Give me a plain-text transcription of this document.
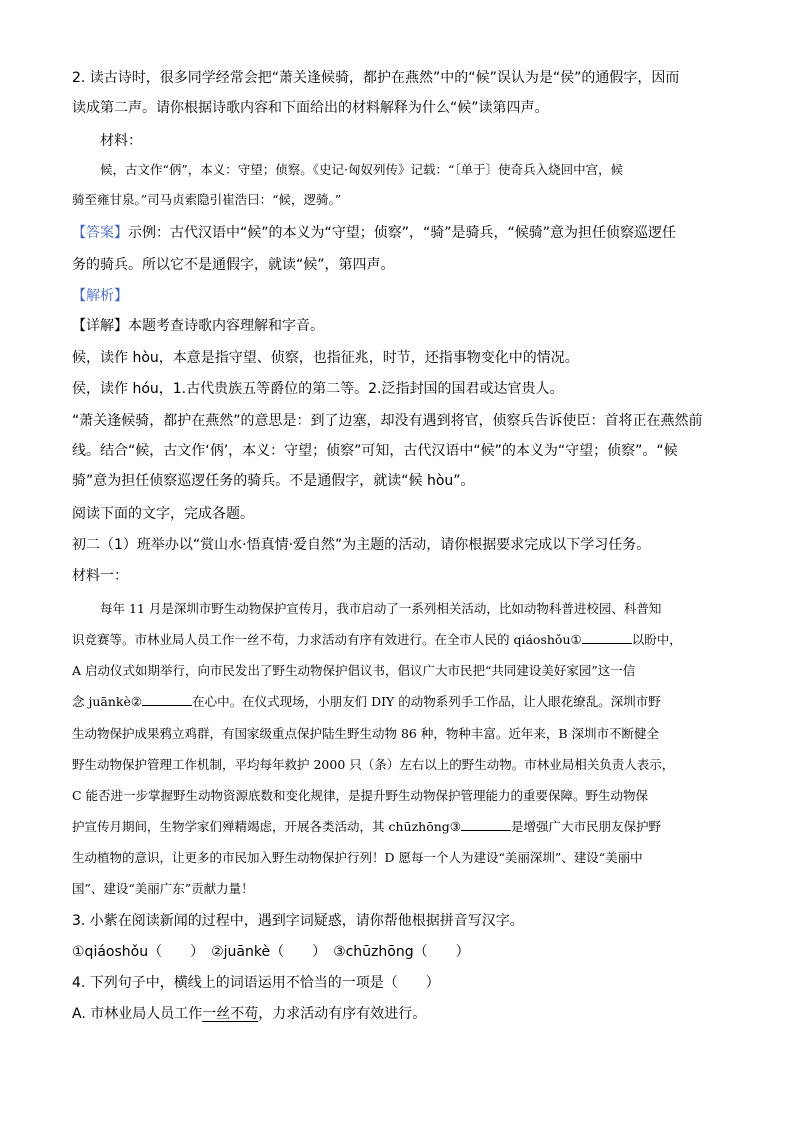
2. 读古诗时，很多同学经常会把“萧关逢候骑，都护在燕然”中的“候”误认为是“侯”的通假字，因而
读成第二声。请你根据诗歌内容和下面给出的材料解释为什么“候”读第四声。
材料：
候，古文作“㑂”，本义：守望；侦察。《史记·匈奴列传》记载：“〔单于〕使奇兵入烧回中宫，候
骑至雍甘泉。”司马贞索隐引崔浩曰：“候，逻骑。”
【答案】示例：古代汉语中“候”的本义为“守望；侦察”，“骑”是骑兵，“候骑”意为担任侦察巡逻任
务的骑兵。所以它不是通假字，就读“候”，第四声。
【解析】
【详解】本题考查诗歌内容理解和字音。
候，读作 hòu，本意是指守望、侦察，也指征兆，时节，还指事物变化中的情况。
侯，读作 hóu，1.古代贵族五等爵位的第二等。2.泛指封国的国君或达官贵人。
“萧关逢候骑，都护在燕然”的意思是：到了边塞，却没有遇到将官，侦察兵告诉使臣：首将正在燕然前
线。结合“候，古文作‘㑂’，本义：守望；侦察”可知，古代汉语中“候”的本义为“守望；侦察”。“候
骑”意为担任侦察巡逻任务的骑兵。不是通假字，就读“候 hòu”。
阅读下面的文字，完成各题。
初二（1）班举办以“赏山水·悟真情·爱自然”为主题的活动，请你根据要求完成以下学习任务。
材料一：
每年 11 月是深圳市野生动物保护宣传月，我市启动了一系列相关活动，比如动物科普进校园、科普知
识竞赛等。市林业局人员工作一丝不苟，力求活动有序有效进行。在全市人民的 qiáoshǒu①	以盼中，
A 启动仪式如期举行，向市民发出了野生动物保护倡议书，倡议广大市民把“共同建设美好家园”这一信
念 juānkè②	在心中。在仪式现场，小朋友们 DIY 的动物系列手工作品，让人眼花缭乱。深圳市野
生动物保护成果鸦立鸡群，有国家级重点保护陆生野生动物 86 种，物种丰富。近年来，B 深圳市不断健全
野生动物保护管理工作机制，平均每年救护 2000 只（条）左右以上的野生动物。市林业局相关负责人表示，
C 能否进一步掌握野生动物资源底数和变化规律，是提升野生动物保护管理能力的重要保障。野生动物保
护宣传月期间，生物学家们殚精竭虑，开展各类活动，其 chūzhōng③	是增强广大市民朋友保护野
生动植物的意识，让更多的市民加入野生动物保护行列！D 愿每一个人为建设“美丽深圳”、建设“美丽中
国”、建设“美丽广东”贡献力量！
3. 小紫在阅读新闻的过程中，遇到字词疑惑，请你帮他根据拼音写汉字。
①qiáoshǒu（　　）　②juānkè（　　）　③chūzhōng（　　）
4. 下列句子中，横线上的词语运用不恰当的一项是（　　）
A. 市林业局人员工作一丝不苟，力求活动有序有效进行。
